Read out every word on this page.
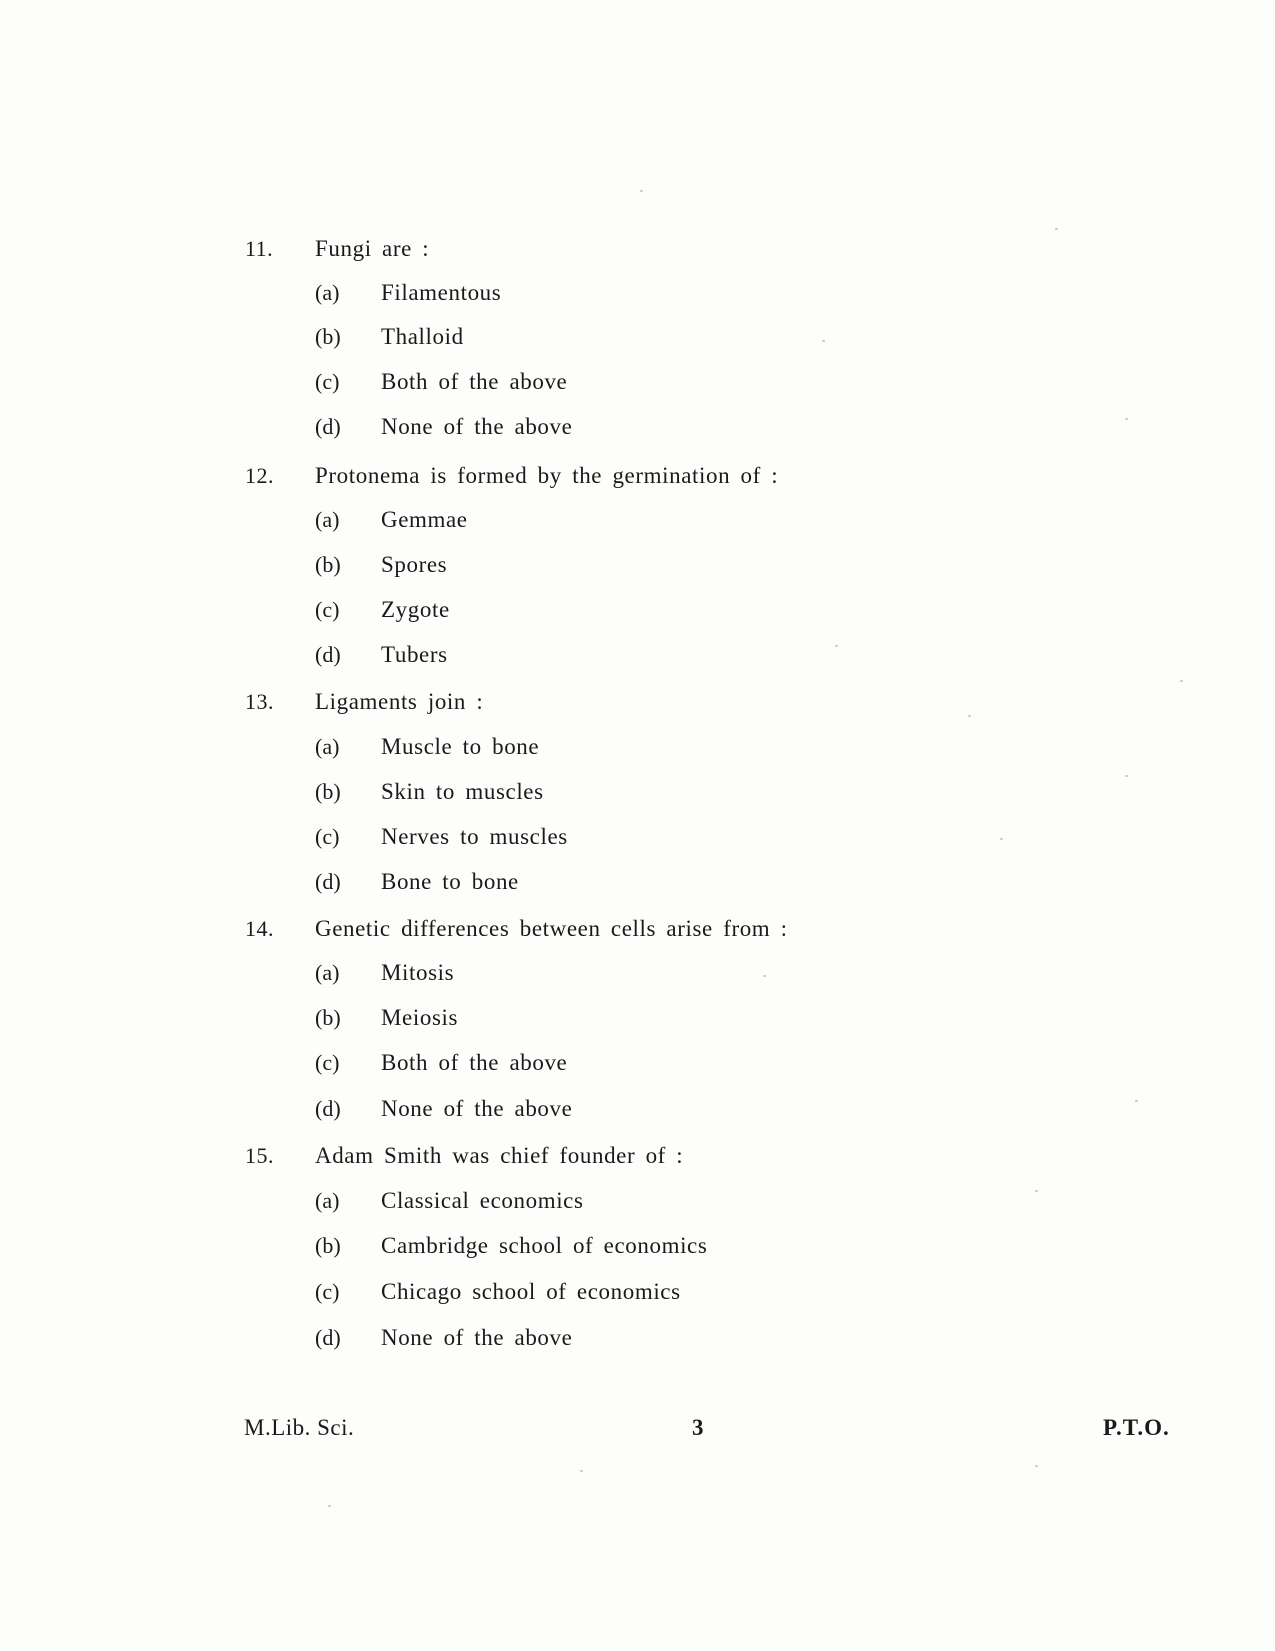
11. Fungi are :
(a) Filamentous
(b) Thalloid
(c) Both of the above
(d) None of the above
12. Protonema is formed by the germination of :
(a) Gemmae
(b) Spores
(c) Zygote
(d) Tubers
13. Ligaments join :
(a) Muscle to bone
(b) Skin to muscles
(c) Nerves to muscles
(d) Bone to bone
14. Genetic differences between cells arise from :
(a) Mitosis
(b) Meiosis
(c) Both of the above
(d) None of the above
15. Adam Smith was chief founder of :
(a) Classical economics
(b) Cambridge school of economics
(c) Chicago school of economics
(d) None of the above
M.Lib. Sci.	3	P.T.O.
